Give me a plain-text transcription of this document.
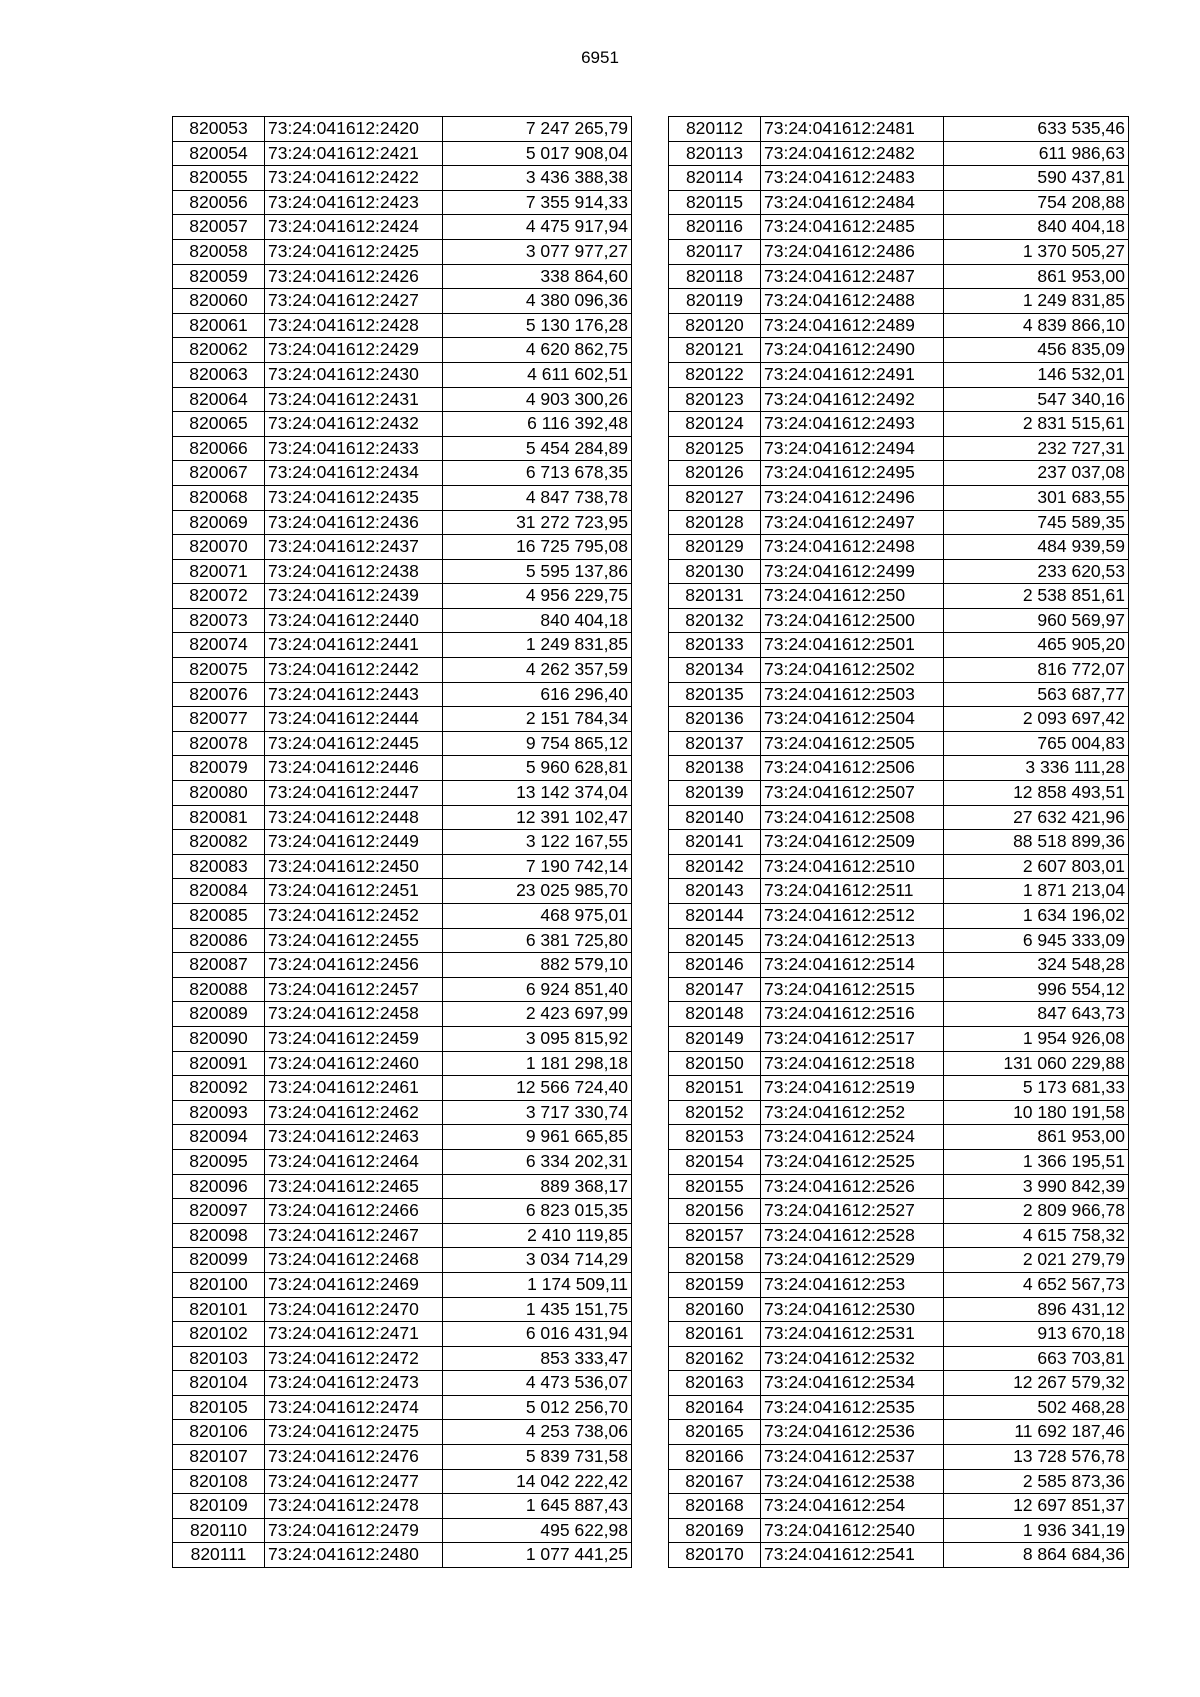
6951
820053	73:24:041612:2420	7 247 265,79
820054	73:24:041612:2421	5 017 908,04
820055	73:24:041612:2422	3 436 388,38
820056	73:24:041612:2423	7 355 914,33
820057	73:24:041612:2424	4 475 917,94
820058	73:24:041612:2425	3 077 977,27
820059	73:24:041612:2426	338 864,60
820060	73:24:041612:2427	4 380 096,36
820061	73:24:041612:2428	5 130 176,28
820062	73:24:041612:2429	4 620 862,75
820063	73:24:041612:2430	4 611 602,51
820064	73:24:041612:2431	4 903 300,26
820065	73:24:041612:2432	6 116 392,48
820066	73:24:041612:2433	5 454 284,89
820067	73:24:041612:2434	6 713 678,35
820068	73:24:041612:2435	4 847 738,78
820069	73:24:041612:2436	31 272 723,95
820070	73:24:041612:2437	16 725 795,08
820071	73:24:041612:2438	5 595 137,86
820072	73:24:041612:2439	4 956 229,75
820073	73:24:041612:2440	840 404,18
820074	73:24:041612:2441	1 249 831,85
820075	73:24:041612:2442	4 262 357,59
820076	73:24:041612:2443	616 296,40
820077	73:24:041612:2444	2 151 784,34
820078	73:24:041612:2445	9 754 865,12
820079	73:24:041612:2446	5 960 628,81
820080	73:24:041612:2447	13 142 374,04
820081	73:24:041612:2448	12 391 102,47
820082	73:24:041612:2449	3 122 167,55
820083	73:24:041612:2450	7 190 742,14
820084	73:24:041612:2451	23 025 985,70
820085	73:24:041612:2452	468 975,01
820086	73:24:041612:2455	6 381 725,80
820087	73:24:041612:2456	882 579,10
820088	73:24:041612:2457	6 924 851,40
820089	73:24:041612:2458	2 423 697,99
820090	73:24:041612:2459	3 095 815,92
820091	73:24:041612:2460	1 181 298,18
820092	73:24:041612:2461	12 566 724,40
820093	73:24:041612:2462	3 717 330,74
820094	73:24:041612:2463	9 961 665,85
820095	73:24:041612:2464	6 334 202,31
820096	73:24:041612:2465	889 368,17
820097	73:24:041612:2466	6 823 015,35
820098	73:24:041612:2467	2 410 119,85
820099	73:24:041612:2468	3 034 714,29
820100	73:24:041612:2469	1 174 509,11
820101	73:24:041612:2470	1 435 151,75
820102	73:24:041612:2471	6 016 431,94
820103	73:24:041612:2472	853 333,47
820104	73:24:041612:2473	4 473 536,07
820105	73:24:041612:2474	5 012 256,70
820106	73:24:041612:2475	4 253 738,06
820107	73:24:041612:2476	5 839 731,58
820108	73:24:041612:2477	14 042 222,42
820109	73:24:041612:2478	1 645 887,43
820110	73:24:041612:2479	495 622,98
820111	73:24:041612:2480	1 077 441,25
820112	73:24:041612:2481	633 535,46
820113	73:24:041612:2482	611 986,63
820114	73:24:041612:2483	590 437,81
820115	73:24:041612:2484	754 208,88
820116	73:24:041612:2485	840 404,18
820117	73:24:041612:2486	1 370 505,27
820118	73:24:041612:2487	861 953,00
820119	73:24:041612:2488	1 249 831,85
820120	73:24:041612:2489	4 839 866,10
820121	73:24:041612:2490	456 835,09
820122	73:24:041612:2491	146 532,01
820123	73:24:041612:2492	547 340,16
820124	73:24:041612:2493	2 831 515,61
820125	73:24:041612:2494	232 727,31
820126	73:24:041612:2495	237 037,08
820127	73:24:041612:2496	301 683,55
820128	73:24:041612:2497	745 589,35
820129	73:24:041612:2498	484 939,59
820130	73:24:041612:2499	233 620,53
820131	73:24:041612:250	2 538 851,61
820132	73:24:041612:2500	960 569,97
820133	73:24:041612:2501	465 905,20
820134	73:24:041612:2502	816 772,07
820135	73:24:041612:2503	563 687,77
820136	73:24:041612:2504	2 093 697,42
820137	73:24:041612:2505	765 004,83
820138	73:24:041612:2506	3 336 111,28
820139	73:24:041612:2507	12 858 493,51
820140	73:24:041612:2508	27 632 421,96
820141	73:24:041612:2509	88 518 899,36
820142	73:24:041612:2510	2 607 803,01
820143	73:24:041612:2511	1 871 213,04
820144	73:24:041612:2512	1 634 196,02
820145	73:24:041612:2513	6 945 333,09
820146	73:24:041612:2514	324 548,28
820147	73:24:041612:2515	996 554,12
820148	73:24:041612:2516	847 643,73
820149	73:24:041612:2517	1 954 926,08
820150	73:24:041612:2518	131 060 229,88
820151	73:24:041612:2519	5 173 681,33
820152	73:24:041612:252	10 180 191,58
820153	73:24:041612:2524	861 953,00
820154	73:24:041612:2525	1 366 195,51
820155	73:24:041612:2526	3 990 842,39
820156	73:24:041612:2527	2 809 966,78
820157	73:24:041612:2528	4 615 758,32
820158	73:24:041612:2529	2 021 279,79
820159	73:24:041612:253	4 652 567,73
820160	73:24:041612:2530	896 431,12
820161	73:24:041612:2531	913 670,18
820162	73:24:041612:2532	663 703,81
820163	73:24:041612:2534	12 267 579,32
820164	73:24:041612:2535	502 468,28
820165	73:24:041612:2536	11 692 187,46
820166	73:24:041612:2537	13 728 576,78
820167	73:24:041612:2538	2 585 873,36
820168	73:24:041612:254	12 697 851,37
820169	73:24:041612:2540	1 936 341,19
820170	73:24:041612:2541	8 864 684,36
